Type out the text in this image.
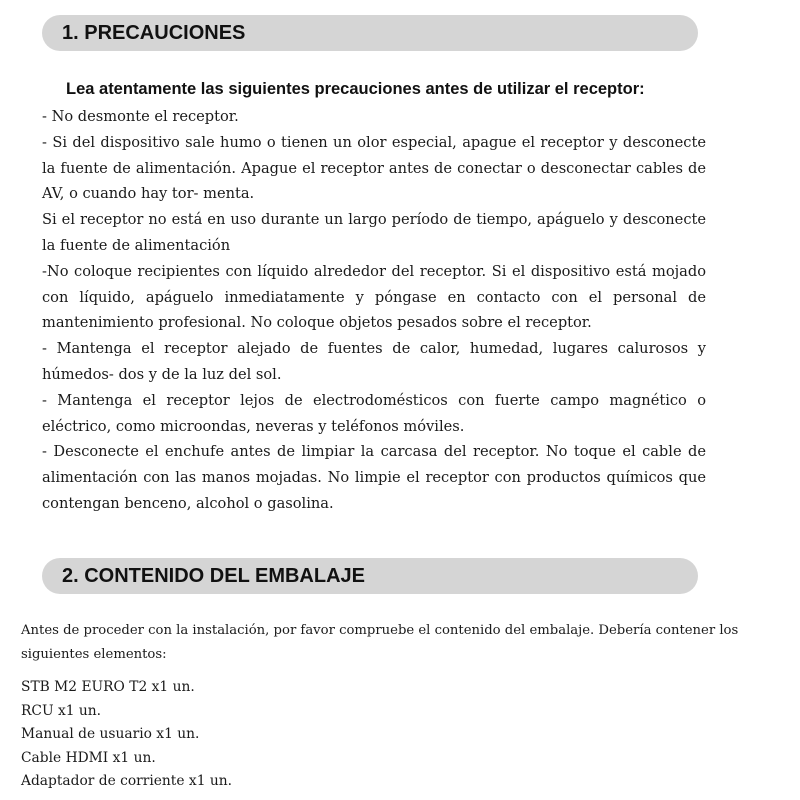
1. PRECAUCIONES
Lea atentamente las siguientes precauciones antes de utilizar el receptor:
- No desmonte el receptor.
- Si del dispositivo sale humo o tienen un olor especial, apague el receptor y desconecte la fuente de alimentación. Apague el receptor antes de conectar o desconectar cables de AV, o cuando hay tor- menta.
Si el receptor no está en uso durante un largo período de tiempo, apáguelo y desconecte la fuente de alimentación
-No coloque recipientes con líquido alrededor del receptor. Si el dispositivo está mojado con líquido, apáguelo inmediatamente y póngase en contacto con el personal de mantenimiento profesional. No coloque objetos pesados sobre el receptor.
- Mantenga el receptor alejado de fuentes de calor, humedad, lugares calurosos y húmedos- dos y de la luz del sol.
- Mantenga el receptor lejos de electrodomésticos con fuerte campo magnético o eléctrico, como microondas, neveras y teléfonos móviles.
- Desconecte el enchufe antes de limpiar la carcasa del receptor. No toque el cable de alimentación con las manos mojadas. No limpie el receptor con productos químicos que contengan benceno, alcohol o gasolina.
2. CONTENIDO DEL EMBALAJE

Antes de proceder con la instalación, por favor compruebe el contenido del embalaje. Debería contener los siguientes elementos:

STB M2 EURO T2 x1 un.
RCU x1 un.
Manual de usuario x1 un.
Cable HDMI x1 un.
Adaptador de corriente x1 un.
